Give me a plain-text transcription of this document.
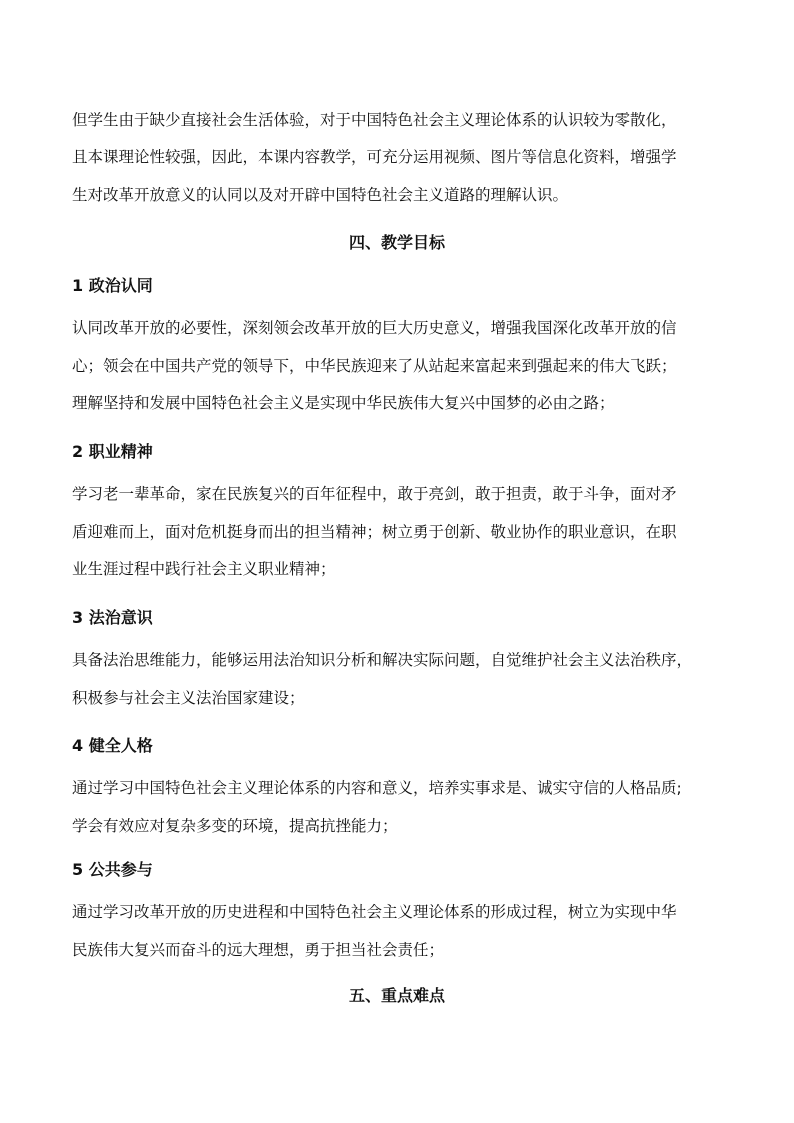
但学生由于缺少直接社会生活体验，对于中国特色社会主义理论体系的认识较为零散化，
且本课理论性较强，因此，本课内容教学，可充分运用视频、图片等信息化资料，增强学
生对改革开放意义的认同以及对开辟中国特色社会主义道路的理解认识。
四、教学目标
1 政治认同
认同改革开放的必要性，深刻领会改革开放的巨大历史意义，增强我国深化改革开放的信
心；领会在中国共产党的领导下，中华民族迎来了从站起来富起来到强起来的伟大飞跃；
理解坚持和发展中国特色社会主义是实现中华民族伟大复兴中国梦的必由之路；
2 职业精神
学习老一辈革命，家在民族复兴的百年征程中，敢于亮剑，敢于担责，敢于斗争，面对矛
盾迎难而上，面对危机挺身而出的担当精神；树立勇于创新、敬业协作的职业意识，在职
业生涯过程中践行社会主义职业精神；
3 法治意识
具备法治思维能力，能够运用法治知识分析和解决实际问题，自觉维护社会主义法治秩序，
积极参与社会主义法治国家建设；
4 健全人格
通过学习中国特色社会主义理论体系的内容和意义，培养实事求是、诚实守信的人格品质;
学会有效应对复杂多变的环境，提高抗挫能力；
5 公共参与
通过学习改革开放的历史进程和中国特色社会主义理论体系的形成过程，树立为实现中华
民族伟大复兴而奋斗的远大理想，勇于担当社会责任；
五、重点难点
